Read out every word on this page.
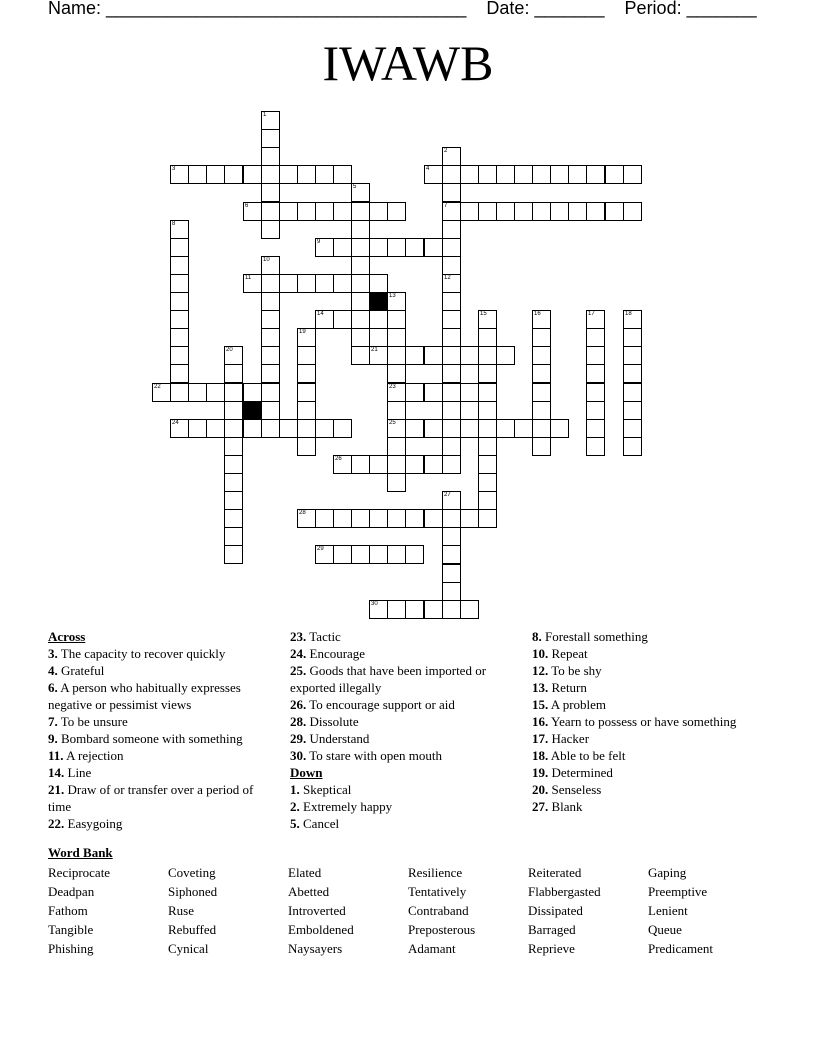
Name: ____________________________________ Date: _______ Period: _______
IWAWB
3	4
6	7
9
11
14
21
22	23
24	25
26
28
29
30
1
2
12
5
8
10
13
19
20
15	16	17	18
27
Across
3. The capacity to recover quickly
4. Grateful
6. A person who habitually expresses negative or pessimist views
7. To be unsure
9. Bombard someone with something
11. A rejection
14. Line
21. Draw of or transfer over a period of time
22. Easygoing
23. Tactic
24. Encourage
25. Goods that have been imported or exported illegally
26. To encourage support or aid
28. Dissolute
29. Understand
30. To stare with open mouth
Down
1. Skeptical
2. Extremely happy
5. Cancel
8. Forestall something
10. Repeat
12. To be shy
13. Return
15. A problem
16. Yearn to possess or have something
17. Hacker
18. Able to be felt
19. Determined
20. Senseless
27. Blank
Word Bank
Reciprocate	Coveting	Elated	Resilience	Reiterated	Gaping
Deadpan	Siphoned	Abetted	Tentatively	Flabbergasted	Preemptive
Fathom	Ruse	Introverted	Contraband	Dissipated	Lenient
Tangible	Rebuffed	Emboldened	Preposterous	Barraged	Queue
Phishing	Cynical	Naysayers	Adamant	Reprieve	Predicament
